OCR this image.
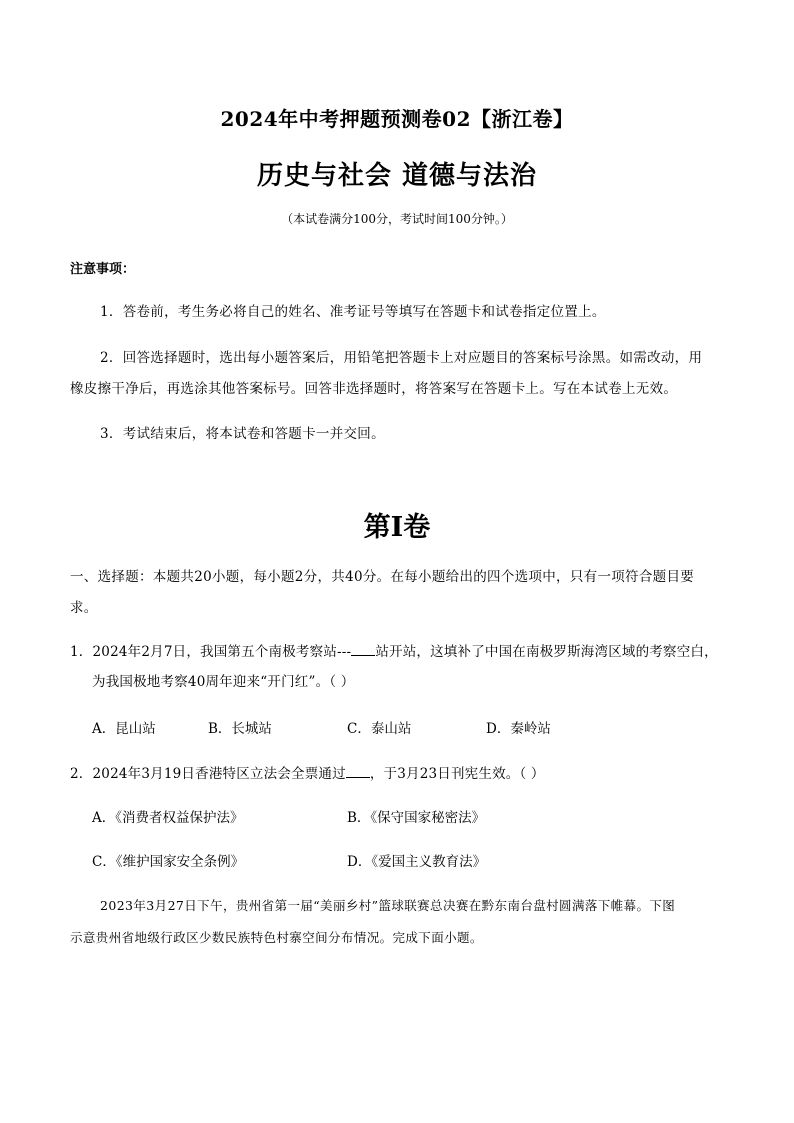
2024年中考押题预测卷02【浙江卷】
历史与社会 道德与法治
（本试卷满分100分，考试时间100分钟。）
注意事项：
1．答卷前，考生务必将自己的姓名、准考证号等填写在答题卡和试卷指定位置上。
2．回答选择题时，选出每小题答案后，用铅笔把答题卡上对应题目的答案标号涂黑。如需改动，用
橡皮擦干净后，再选涂其他答案标号。回答非选择题时，将答案写在答题卡上。写在本试卷上无效。
3．考试结束后，将本试卷和答题卡一并交回。
第Ⅰ卷
一、选择题：本题共20小题，每小题2分，共40分。在每小题给出的四个选项中，只有一项符合题目要
求。
1．2024年2月7日，我国第五个南极考察站--- 站开站，这填补了中国在南极罗斯海湾区域的考察空白，
为我国极地考察40周年迎来“开门红”。（ ）
A．昆山站	B．长城站	C．泰山站	D．秦岭站
2．2024年3月19日香港特区立法会全票通过 ，于3月23日刊宪生效。（ ）
A．《消费者权益保护法》	B．《保守国家秘密法》
C．《维护国家安全条例》	D．《爱国主义教育法》
2023年3月27日下午，贵州省第一届“美丽乡村”篮球联赛总决赛在黔东南台盘村圆满落下帷幕。下图
示意贵州省地级行政区少数民族特色村寨空间分布情况。完成下面小题。
